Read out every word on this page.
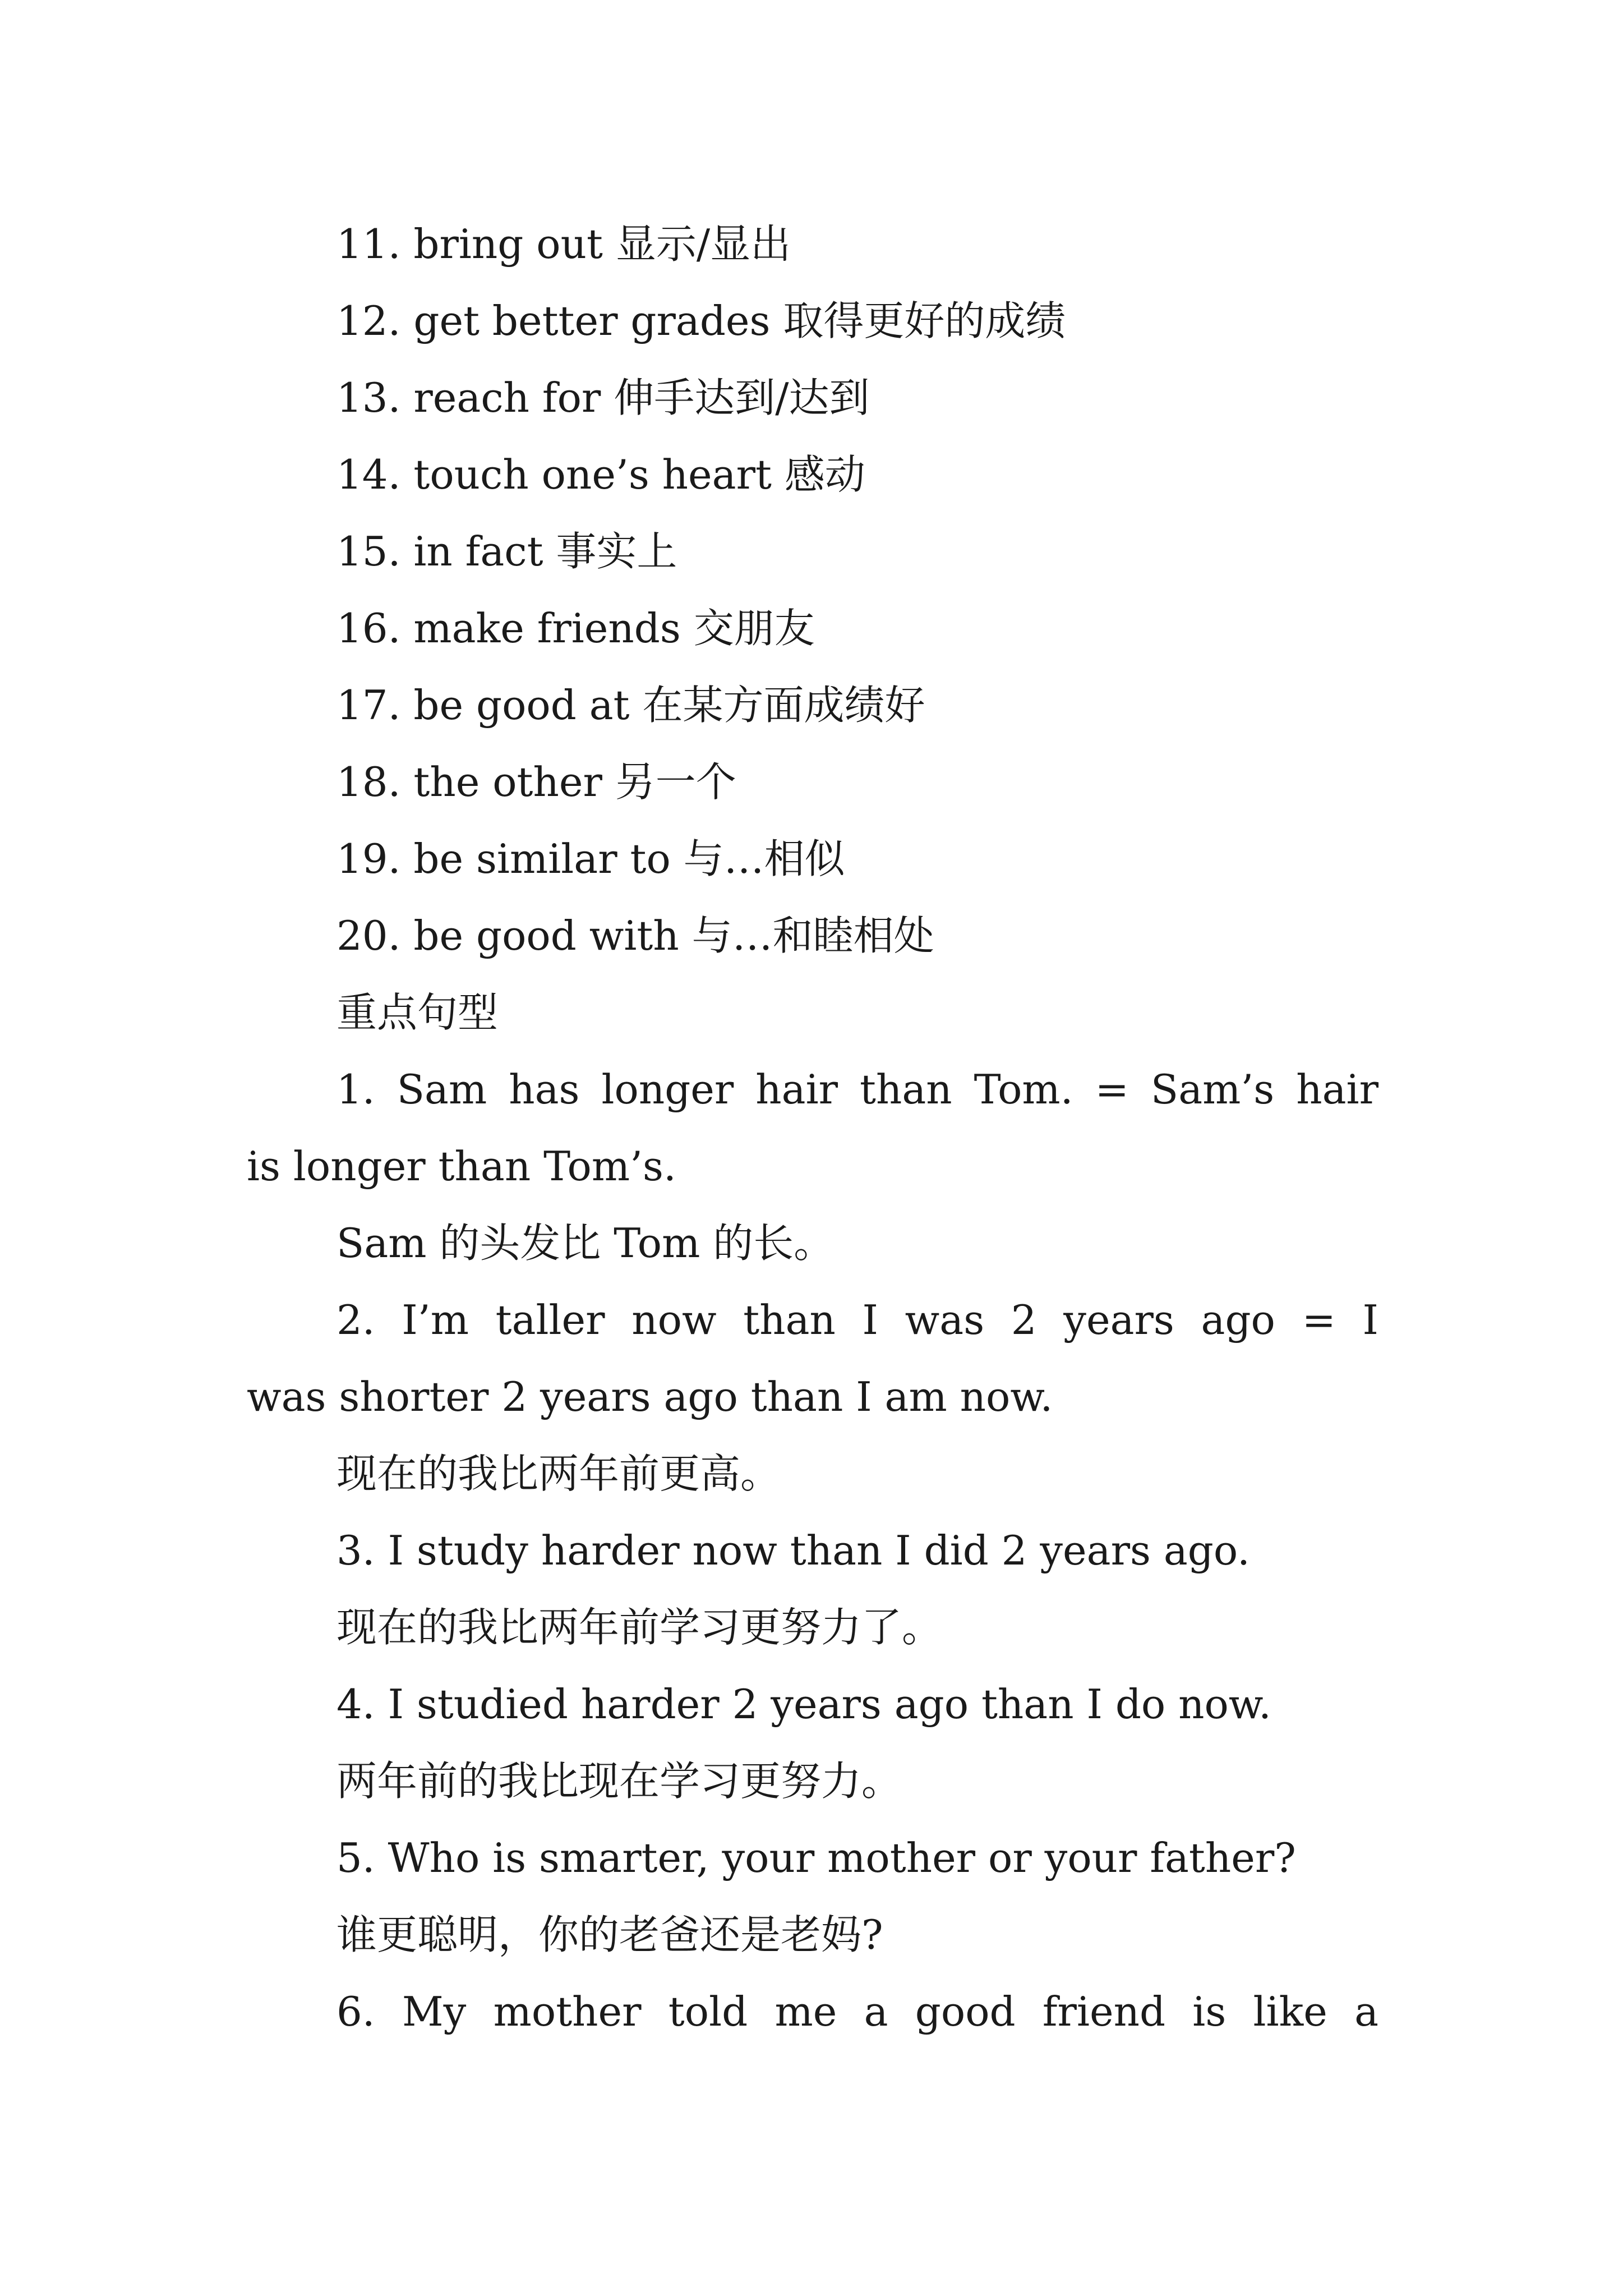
11. bring out 显示/显出
12. get better grades 取得更好的成绩
13. reach for 伸手达到/达到
14. touch one’s heart 感动
15. in fact 事实上
16. make friends 交朋友
17. be good at 在某方面成绩好
18. the other 另一个
19. be similar to 与…相似
20. be good with 与…和睦相处
重点句型
1. Sam has longer hair than Tom. = Sam’s hair
is longer than Tom’s.
Sam 的头发比 Tom 的长。
2. I’m taller now than I was 2 years ago = I
was shorter 2 years ago than I am now.
现在的我比两年前更高。
3. I study harder now than I did 2 years ago.
现在的我比两年前学习更努力了。
4. I studied harder 2 years ago than I do now.
两年前的我比现在学习更努力。
5. Who is smarter, your mother or your father?
谁更聪明，你的老爸还是老妈?
6. My mother told me a good friend is like a
